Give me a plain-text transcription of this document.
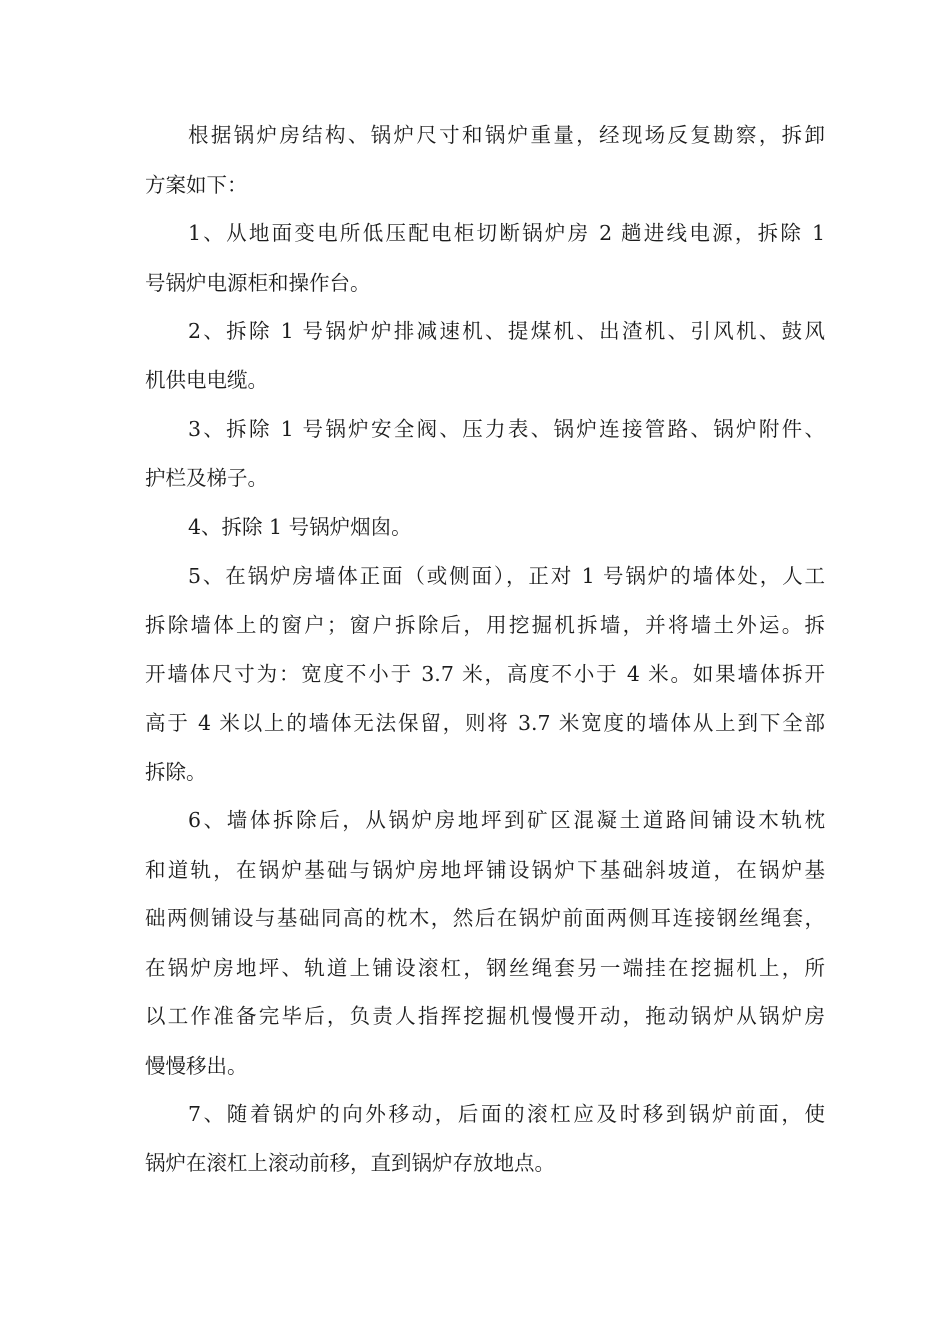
根据锅炉房结构、锅炉尺寸和锅炉重量，经现场反复勘察，拆卸
方案如下：
1、从地面变电所低压配电柜切断锅炉房 2 趟进线电源，拆除 1
号锅炉电源柜和操作台。
2、拆除 1 号锅炉炉排减速机、提煤机、出渣机、引风机、鼓风
机供电电缆。
3、拆除 1 号锅炉安全阀、压力表、锅炉连接管路、锅炉附件、
护栏及梯子。
4、拆除 1 号锅炉烟囱。
5、在锅炉房墙体正面（或侧面），正对 1 号锅炉的墙体处，人工
拆除墙体上的窗户；窗户拆除后，用挖掘机拆墙，并将墙土外运。拆
开墙体尺寸为：宽度不小于 3.7 米，高度不小于 4 米。如果墙体拆开
高于 4 米以上的墙体无法保留，则将 3.7 米宽度的墙体从上到下全部
拆除。
6、墙体拆除后，从锅炉房地坪到矿区混凝土道路间铺设木轨枕
和道轨，在锅炉基础与锅炉房地坪铺设锅炉下基础斜坡道，在锅炉基
础两侧铺设与基础同高的枕木，然后在锅炉前面两侧耳连接钢丝绳套，
在锅炉房地坪、轨道上铺设滚杠，钢丝绳套另一端挂在挖掘机上，所
以工作准备完毕后，负责人指挥挖掘机慢慢开动，拖动锅炉从锅炉房
慢慢移出。
7、随着锅炉的向外移动，后面的滚杠应及时移到锅炉前面，使
锅炉在滚杠上滚动前移，直到锅炉存放地点。
